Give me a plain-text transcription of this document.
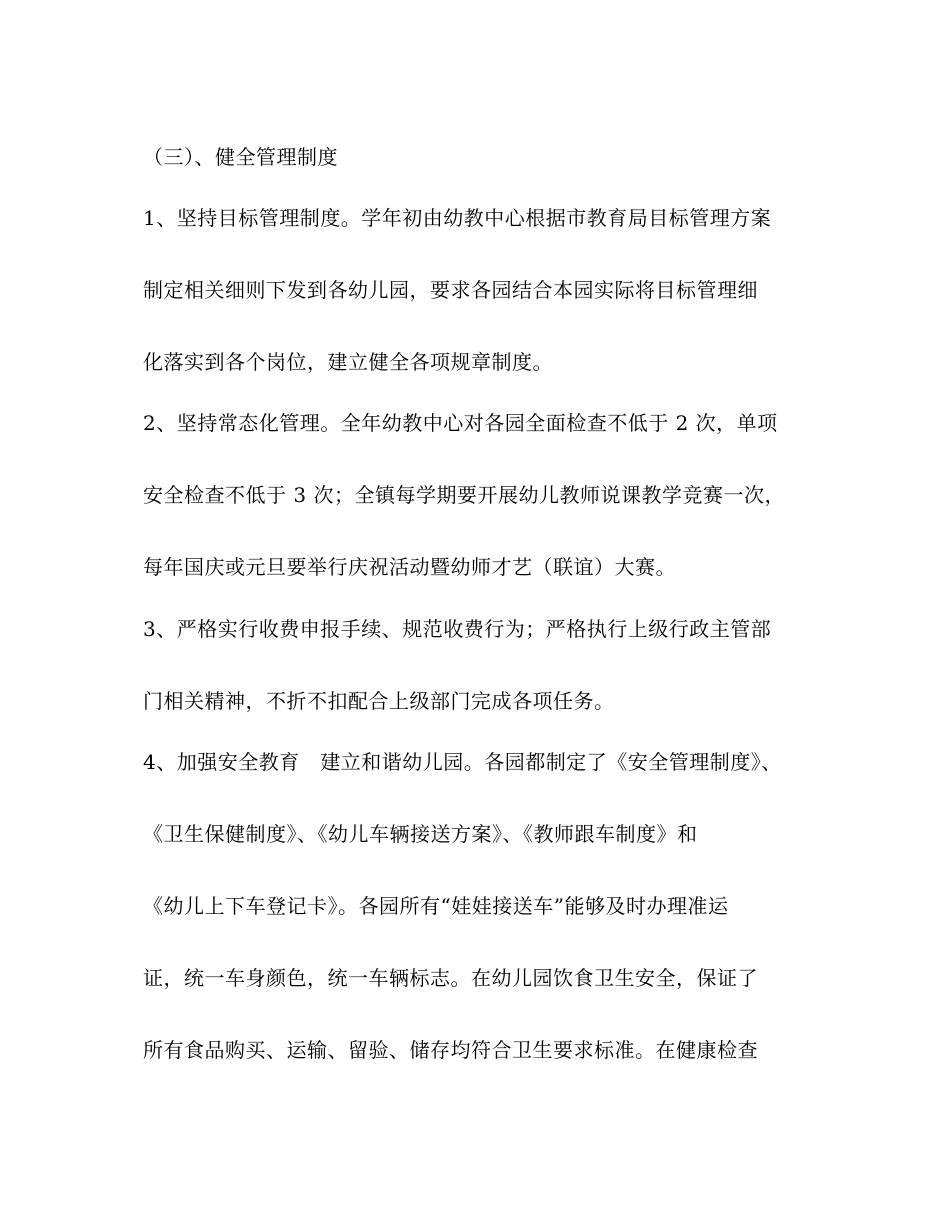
（三）、健全管理制度
1、坚持目标管理制度。学年初由幼教中心根据市教育局目标管理方案
制定相关细则下发到各幼儿园，要求各园结合本园实际将目标管理细
化落实到各个岗位，建立健全各项规章制度。
2、坚持常态化管理。全年幼教中心对各园全面检查不低于 2 次，单项
安全检查不低于 3 次；全镇每学期要开展幼儿教师说课教学竞赛一次，
每年国庆或元旦要举行庆祝活动暨幼师才艺（联谊）大赛。
3、严格实行收费申报手续、规范收费行为；严格执行上级行政主管部
门相关精神，不折不扣配合上级部门完成各项任务。
4、加强安全教育　建立和谐幼儿园。各园都制定了《安全管理制度》、
《卫生保健制度》、《幼儿车辆接送方案》、《教师跟车制度》和
《幼儿上下车登记卡》。各园所有“娃娃接送车”能够及时办理准运
证，统一车身颜色，统一车辆标志。在幼儿园饮食卫生安全，保证了
所有食品购买、运输、留验、储存均符合卫生要求标准。在健康检查
